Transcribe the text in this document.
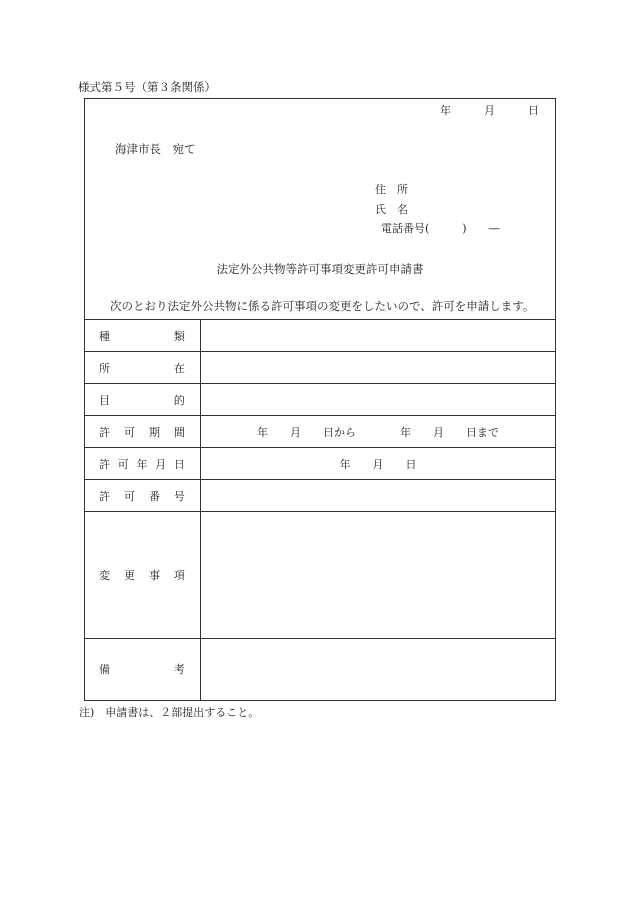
様式第５号（第３条関係）
年	月	日
海津市長　宛て
住　所
氏　名
電話番号(　　　)　　―
法定外公共物等許可事項変更許可申請書
次のとおり法定外公共物に係る許可事項の変更をしたいので、許可を申請します。
種 類	

所 在	

目 的	

許 可 期 間	年　　月　　日から　　　　年　　月　　日まで

許 可 年 月 日	年　　月　　日

許 可 番 号	

変 更 事 項	

備 考	

注)　申請書は、２部提出すること。
